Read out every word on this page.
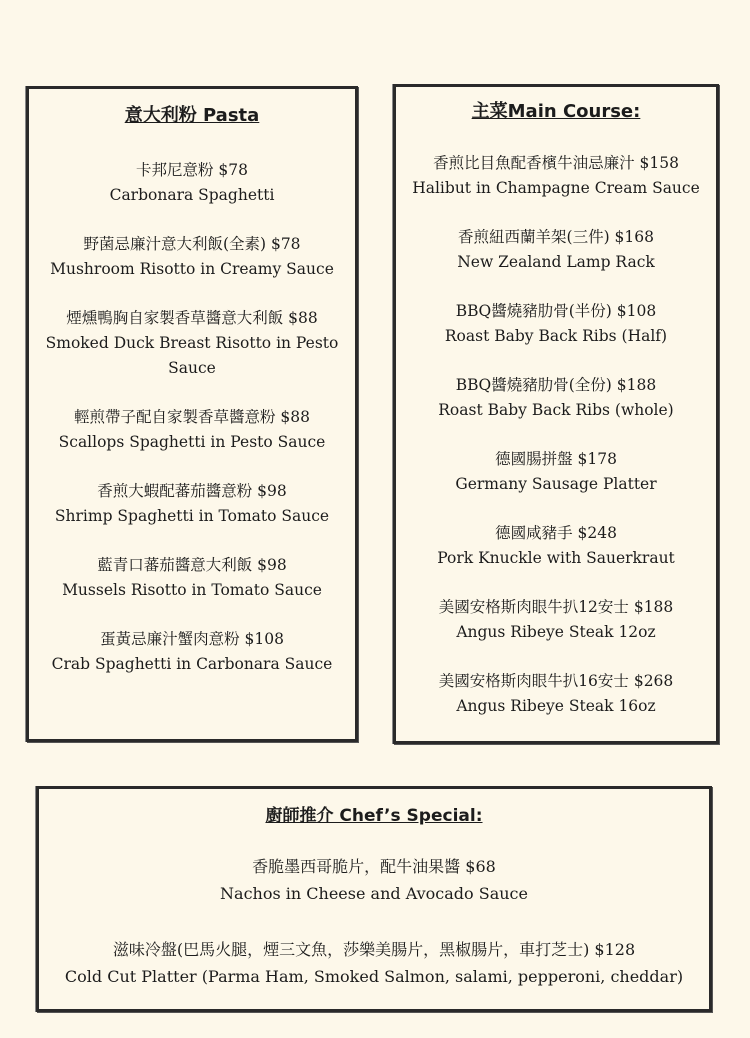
意大利粉 Pasta
卡邦尼意粉 $78
Carbonara Spaghetti
野菌忌廉汁意大利飯(全素) $78
Mushroom Risotto in Creamy Sauce
煙燻鴨胸自家製香草醬意大利飯 $88
Smoked Duck Breast Risotto in Pesto Sauce
輕煎帶子配自家製香草醬意粉 $88
Scallops Spaghetti in Pesto Sauce
香煎大蝦配蕃茄醬意粉 $98
Shrimp Spaghetti in Tomato Sauce
藍青口蕃茄醬意大利飯 $98
Mussels Risotto in Tomato Sauce
蛋黃忌廉汁蟹肉意粉 $108
Crab Spaghetti in Carbonara Sauce
主菜Main Course:
香煎比目魚配香檳牛油忌廉汁 $158
Halibut in Champagne Cream Sauce
香煎紐西蘭羊架(三件) $168
New Zealand Lamp Rack
BBQ醬燒豬肋骨(半份) $108
Roast Baby Back Ribs (Half)
BBQ醬燒豬肋骨(全份) $188
Roast Baby Back Ribs (whole)
德國腸拼盤 $178
Germany Sausage Platter
德國咸豬手 $248
Pork Knuckle with Sauerkraut
美國安格斯肉眼牛扒12安士 $188
Angus Ribeye Steak 12oz
美國安格斯肉眼牛扒16安士 $268
Angus Ribeye Steak 16oz
廚師推介 Chef’s Special:
香脆墨西哥脆片，配牛油果醬 $68
Nachos in Cheese and Avocado Sauce
滋味冷盤(巴馬火腿，煙三文魚，莎樂美腸片，黑椒腸片，車打芝士) $128
Cold Cut Platter (Parma Ham, Smoked Salmon, salami, pepperoni, cheddar)
